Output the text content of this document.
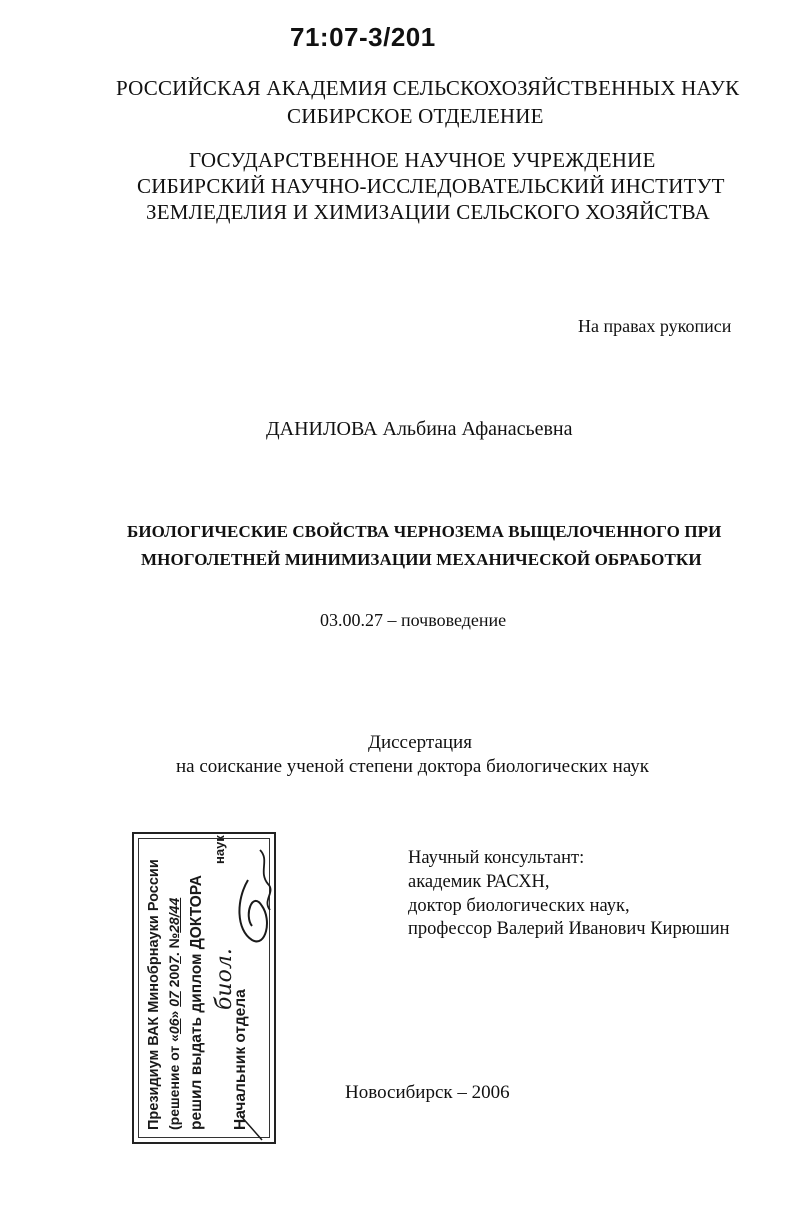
71:07-3/201
РОССИЙСКАЯ АКАДЕМИЯ СЕЛЬСКОХОЗЯЙСТВЕННЫХ НАУК
СИБИРСКОЕ ОТДЕЛЕНИЕ
ГОСУДАРСТВЕННОЕ НАУЧНОЕ УЧРЕЖДЕНИЕ
СИБИРСКИЙ НАУЧНО-ИССЛЕДОВАТЕЛЬСКИЙ ИНСТИТУТ
ЗЕМЛЕДЕЛИЯ И ХИМИЗАЦИИ СЕЛЬСКОГО ХОЗЯЙСТВА
На правах рукописи
ДАНИЛОВА Альбина Афанасьевна
БИОЛОГИЧЕСКИЕ СВОЙСТВА ЧЕРНОЗЕМА ВЫЩЕЛОЧЕННОГО ПРИ
МНОГОЛЕТНЕЙ МИНИМИЗАЦИИ МЕХАНИЧЕСКОЙ ОБРАБОТКИ
03.00.27 – почвоведение
Диссертация
на соискание ученой степени доктора биологических наук
Научный консультант:
академик РАСХН,
доктор биологических наук,
профессор Валерий Иванович Кирюшин
Новосибирск – 2006
Президиум ВАК Минобрнауки России (решение от «06» 07 2007. №28/44 решил выдать диплом ДОКТОРА
наук
биол.
Начальник отдела
